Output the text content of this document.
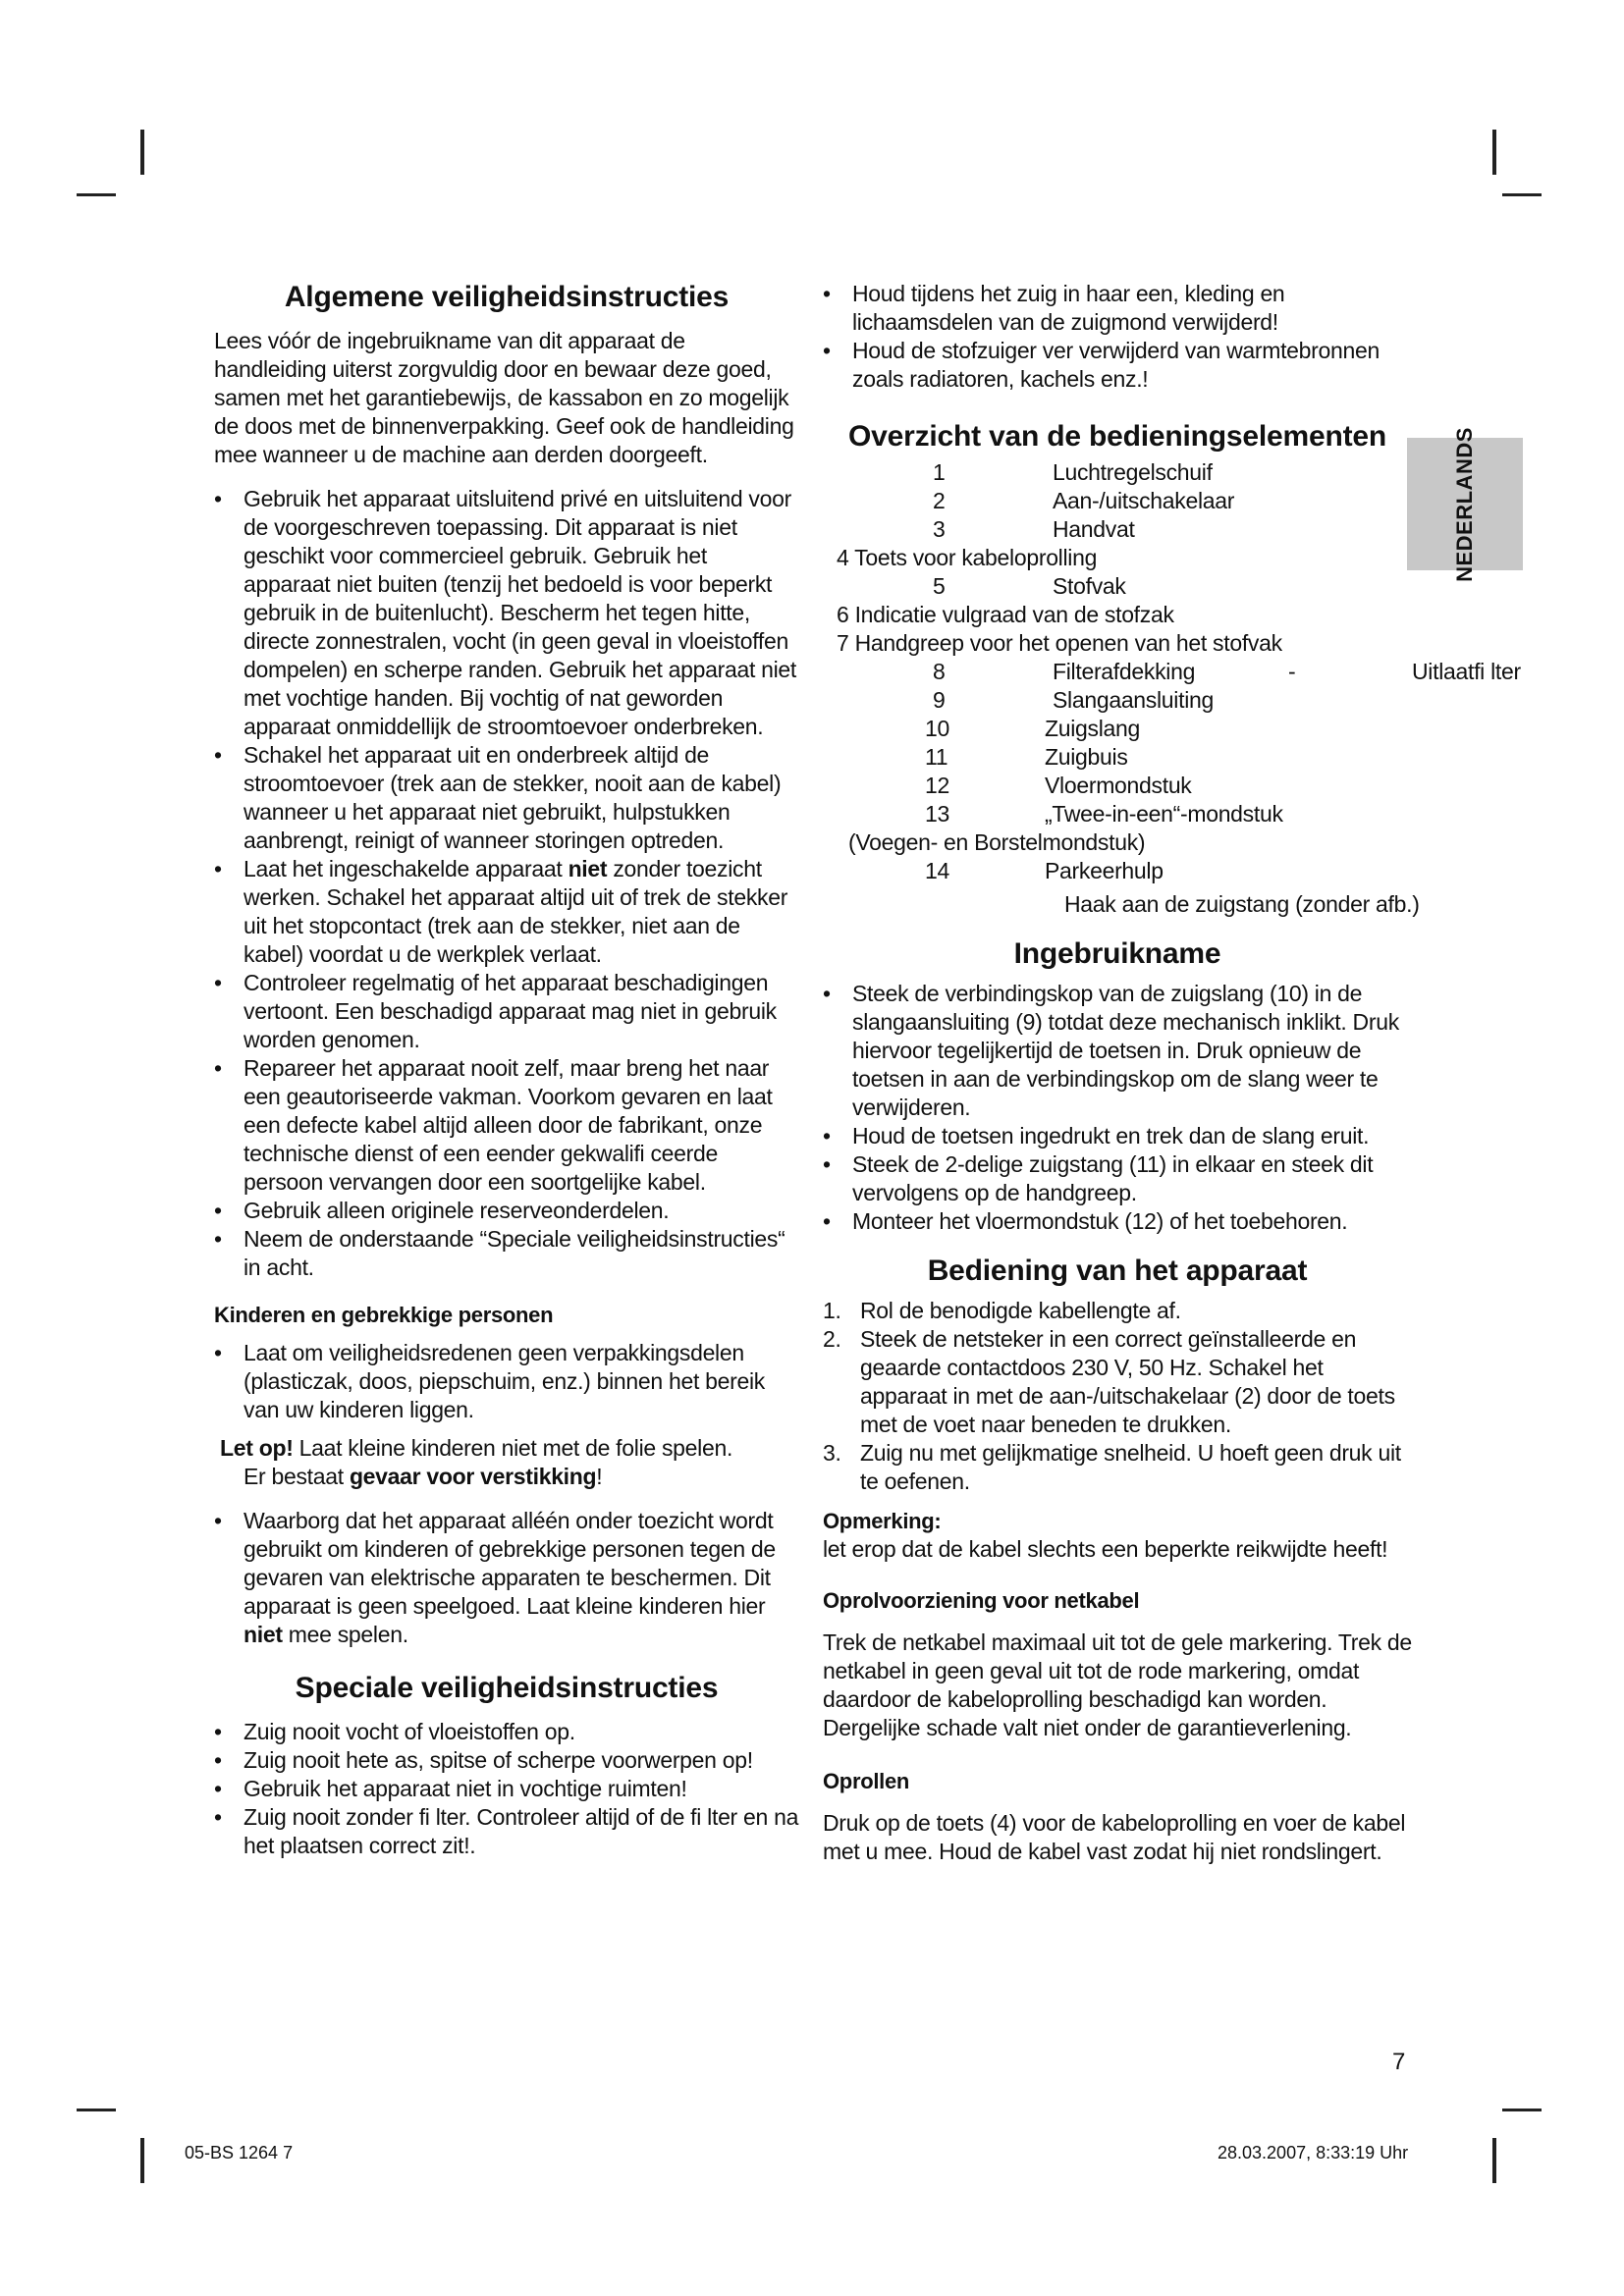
Algemene veiligheidsinstructies

Lees vóór de ingebruikname van dit apparaat de handleiding uiterst zorgvuldig door en bewaar deze goed, samen met het garantiebewijs, de kassabon en zo mogelijk de doos met de binnenverpakking. Geef ook de handleiding mee wanneer u de machine aan derden doorgeeft.

• Gebruik het apparaat uitsluitend privé en uitsluitend voor de voorgeschreven toepassing. Dit apparaat is niet geschikt voor commercieel gebruik. Gebruik het apparaat niet buiten (tenzij het bedoeld is voor beperkt gebruik in de buitenlucht). Bescherm het tegen hitte, directe zonnestralen, vocht (in geen geval in vloeistoffen dompelen) en scherpe randen. Gebruik het apparaat niet met vochtige handen. Bij vochtig of nat geworden apparaat onmiddellijk de stroomtoevoer onderbreken.
• Schakel het apparaat uit en onderbreek altijd de stroomtoevoer (trek aan de stekker, nooit aan de kabel) wanneer u het apparaat niet gebruikt, hulpstukken aanbrengt, reinigt of wanneer storingen optreden.
• Laat het ingeschakelde apparaat niet zonder toezicht werken. Schakel het apparaat altijd uit of trek de stekker uit het stopcontact (trek aan de stekker, niet aan de kabel) voordat u de werkplek verlaat.
• Controleer regelmatig of het apparaat beschadigingen vertoont. Een beschadigd apparaat mag niet in gebruik worden genomen.
• Repareer het apparaat nooit zelf, maar breng het naar een geautoriseerde vakman. Voorkom gevaren en laat een defecte kabel altijd alleen door de fabrikant, onze technische dienst of een eender gekwalifi ceerde persoon vervangen door een soortgelijke kabel.
• Gebruik alleen originele reserveonderdelen.
• Neem de onderstaande “Speciale veiligheidsinstructies“ in acht.
Kinderen en gebrekkige personen
• Laat om veiligheidsredenen geen verpakkingsdelen (plasticzak, doos, piepschuim, enz.) binnen het bereik van uw kinderen liggen.
Let op! Laat kleine kinderen niet met de folie spelen.
Er bestaat gevaar voor verstikking!
• Waarborg dat het apparaat alléén onder toezicht wordt gebruikt om kinderen of gebrekkige personen tegen de gevaren van elektrische apparaten te beschermen. Dit apparaat is geen speelgoed. Laat kleine kinderen hier niet mee spelen.
Speciale veiligheidsinstructies
• Zuig nooit vocht of vloeistoffen op.
• Zuig nooit hete as, spitse of scherpe voorwerpen op!
• Gebruik het apparaat niet in vochtige ruimten!
• Zuig nooit zonder fi lter. Controleer altijd of de fi lter en na het plaatsen correct zit!.
• Houd tijdens het zuig in haar een, kleding en lichaamsdelen van de zuigmond verwijderd!
• Houd de stofzuiger ver verwijderd van warmtebronnen zoals radiatoren, kachels enz.!
Overzicht van de bedieningselementen
1	Luchtregelschuif
2	Aan-/uitschakelaar
3	Handvat
4 Toets voor kabeloprolling
5	Stofvak
6 Indicatie vulgraad van de stofzak
7 Handgreep voor het openen van het stofvak
8	Filterafdekking	-	Uitlaatfi lter
9	Slangaansluiting
10	Zuigslang
11	Zuigbuis
12	Vloermondstuk
13	„Twee-in-een“-mondstuk
(Voegen- en Borstelmondstuk)
14	Parkeerhulp
Haak aan de zuigstang (zonder afb.)
Ingebruikname
• Steek de verbindingskop van de zuigslang (10) in de slangaansluiting (9) totdat deze mechanisch inklikt. Druk hiervoor tegelijkertijd de toetsen in. Druk opnieuw de toetsen in aan de verbindingskop om de slang weer te verwijderen.
• Houd de toetsen ingedrukt en trek dan de slang eruit.
• Steek de 2-delige zuigstang (11) in elkaar en steek dit vervolgens op de handgreep.
• Monteer het vloermondstuk (12) of het toebehoren.
Bediening van het apparaat
1. Rol de benodigde kabellengte af.
2. Steek de netsteker in een correct geïnstalleerde en geaarde contactdoos 230 V, 50 Hz. Schakel het apparaat in met de aan-/uitschakelaar (2) door de toets met de voet naar beneden te drukken.
3. Zuig nu met gelijkmatige snelheid. U hoeft geen druk uit te oefenen.

Opmerking:

let erop dat de kabel slechts een beperkte reikwijdte heeft!

Oprolvoorziening voor netkabel

Trek de netkabel maximaal uit tot de gele markering. Trek de netkabel in geen geval uit tot de rode markering, omdat daardoor de kabeloprolling beschadigd kan worden. Dergelijke schade valt niet onder de garantieverlening.

Oprollen

Druk op de toets (4) voor de kabeloprolling en voer de kabel met u mee. Houd de kabel vast zodat hij niet rondslingert.

NEDERLANDS
7
05-BS 1264 7	28.03.2007, 8:33:19 Uhr
